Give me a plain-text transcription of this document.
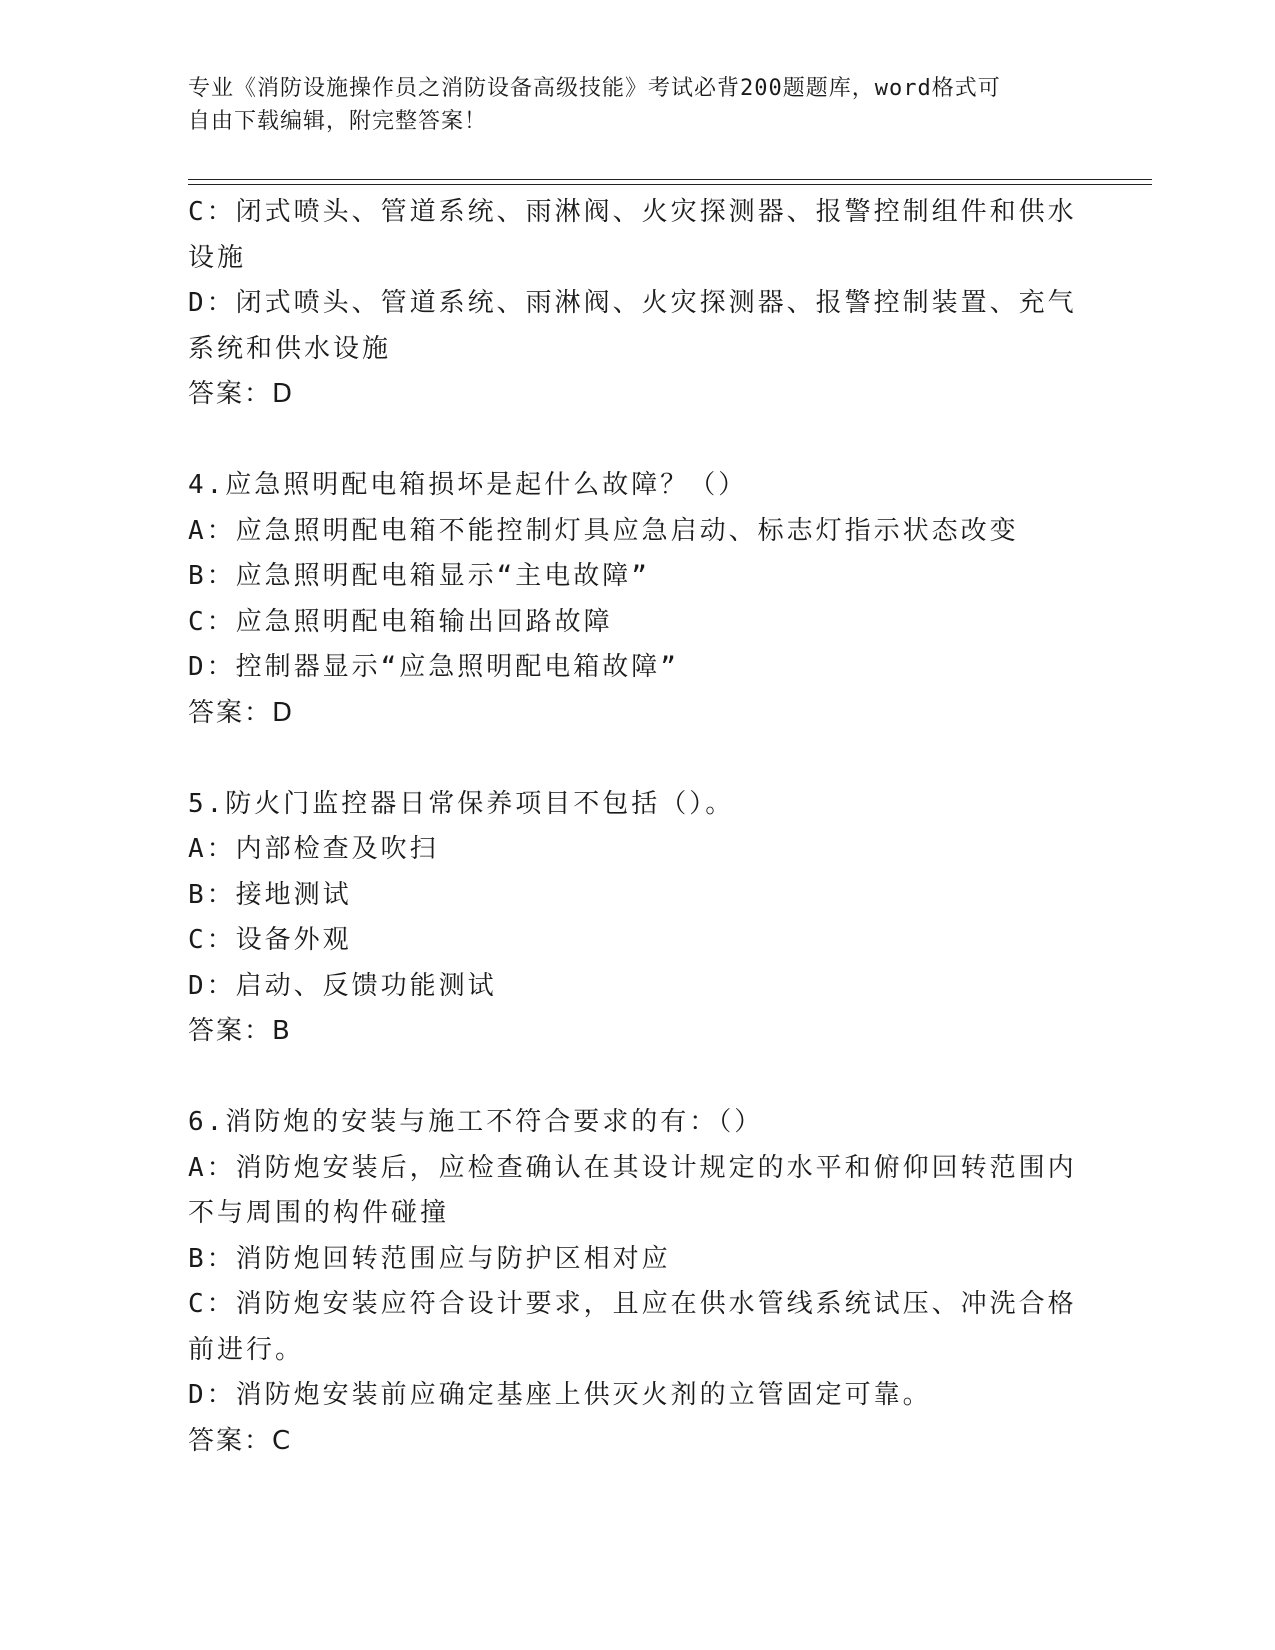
专业《消防设施操作员之消防设备高级技能》考试必背200题题库，word格式可
自由下载编辑，附完整答案！
C：闭式喷头、管道系统、雨淋阀、火灾探测器、报警控制组件和供水
设施
D：闭式喷头、管道系统、雨淋阀、火灾探测器、报警控制装置、充气
系统和供水设施
答案：D
4.应急照明配电箱损坏是起什么故障？（）
A：应急照明配电箱不能控制灯具应急启动、标志灯指示状态改变
B：应急照明配电箱显示“主电故障”
C：应急照明配电箱输出回路故障
D：控制器显示“应急照明配电箱故障”
答案：D
5.防火门监控器日常保养项目不包括（）。
A：内部检查及吹扫
B：接地测试
C：设备外观
D：启动、反馈功能测试
答案：B
6.消防炮的安装与施工不符合要求的有：（）
A：消防炮安装后，应检查确认在其设计规定的水平和俯仰回转范围内
不与周围的构件碰撞
B：消防炮回转范围应与防护区相对应
C：消防炮安装应符合设计要求，且应在供水管线系统试压、冲洗合格
前进行。
D：消防炮安装前应确定基座上供灭火剂的立管固定可靠。
答案：C
